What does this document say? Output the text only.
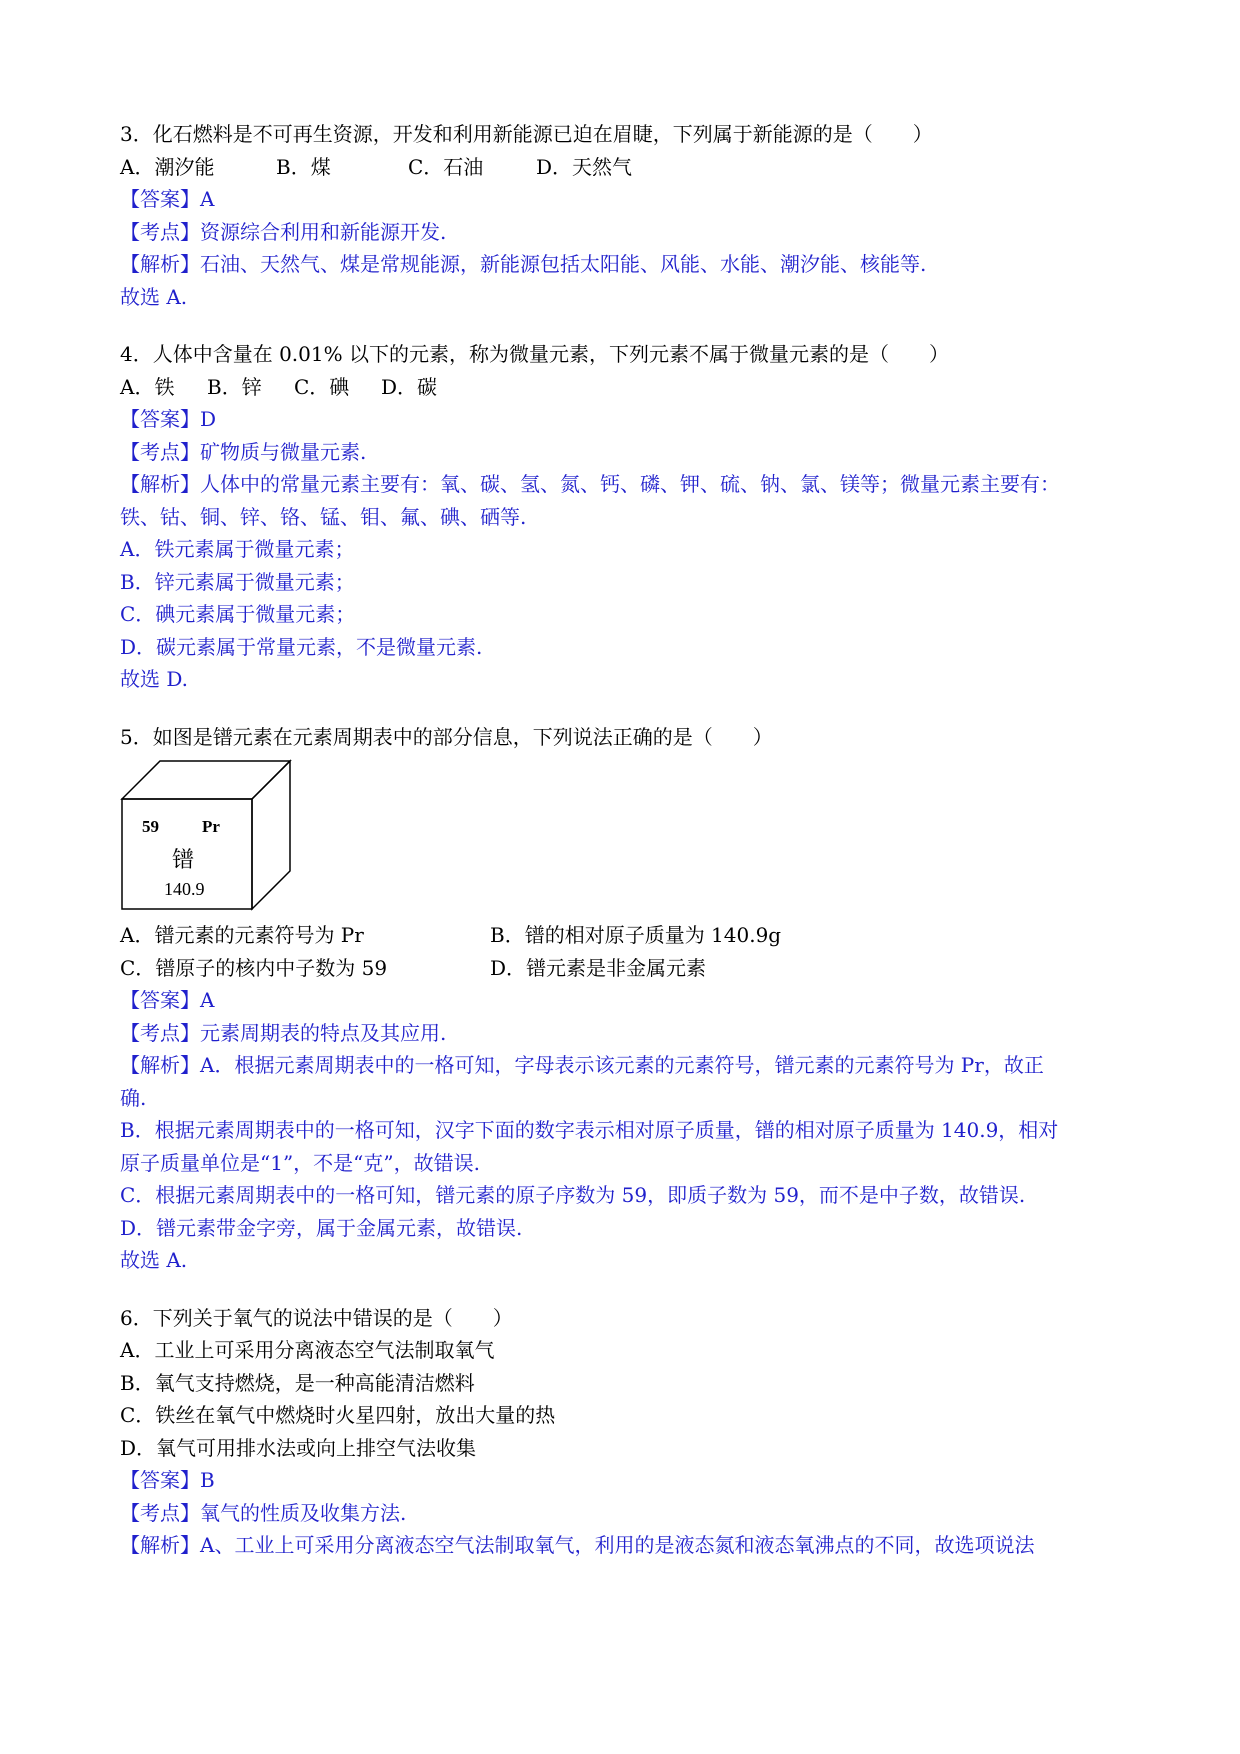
3．化石燃料是不可再生资源，开发和利用新能源已迫在眉睫，下列属于新能源的是（　　）
A．潮汐能	B．煤	C．石油	D．天然气
【答案】A
【考点】资源综合利用和新能源开发.
【解析】石油、天然气、煤是常规能源，新能源包括太阳能、风能、水能、潮汐能、核能等.
故选 A.
4．人体中含量在 0.01% 以下的元素，称为微量元素，下列元素不属于微量元素的是（　　）
A．铁	B．锌	C．碘	D．碳
【答案】D
【考点】矿物质与微量元素.
【解析】人体中的常量元素主要有：氧、碳、氢、氮、钙、磷、钾、硫、钠、氯、镁等；微量元素主要有：
铁、钴、铜、锌、铬、锰、钼、氟、碘、硒等.
A．铁元素属于微量元素；
B．锌元素属于微量元素；
C．碘元素属于微量元素；
D．碳元素属于常量元素，不是微量元素.
故选 D.
5．如图是镨元素在元素周期表中的部分信息，下列说法正确的是（　　）
59	Pr
镨
140.9
A．镨元素的元素符号为 Pr	B．镨的相对原子质量为 140.9g
C．镨原子的核内中子数为 59	D．镨元素是非金属元素
【答案】A
【考点】元素周期表的特点及其应用.
【解析】A．根据元素周期表中的一格可知，字母表示该元素的元素符号，镨元素的元素符号为 Pr，故正
确.
B．根据元素周期表中的一格可知，汉字下面的数字表示相对原子质量，镨的相对原子质量为 140.9，相对
原子质量单位是“1”，不是“克”，故错误.
C．根据元素周期表中的一格可知，镨元素的原子序数为 59，即质子数为 59，而不是中子数，故错误.
D．镨元素带金字旁，属于金属元素，故错误.
故选 A.
6．下列关于氧气的说法中错误的是（　　）
A．工业上可采用分离液态空气法制取氧气
B．氧气支持燃烧，是一种高能清洁燃料
C．铁丝在氧气中燃烧时火星四射，放出大量的热
D．氧气可用排水法或向上排空气法收集
【答案】B
【考点】氧气的性质及收集方法.
【解析】A、工业上可采用分离液态空气法制取氧气，利用的是液态氮和液态氧沸点的不同，故选项说法
